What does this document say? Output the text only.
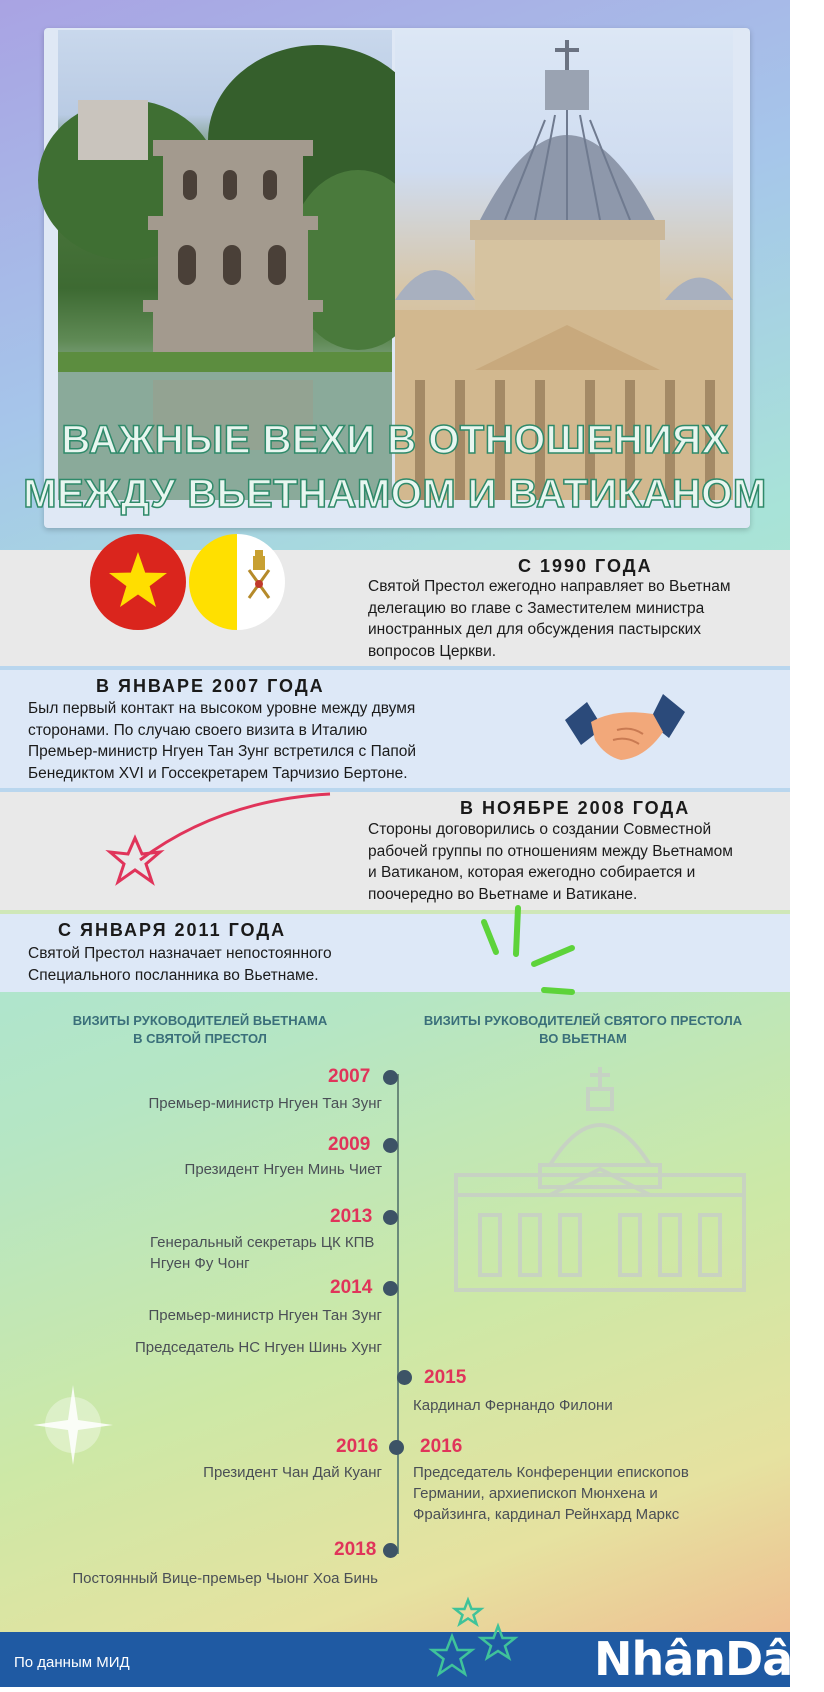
ВАЖНЫЕ ВЕХИ В ОТНОШЕНИЯХ
МЕЖДУ ВЬЕТНАМОМ И ВАТИКАНОМ
С 1990 ГОДА
Святой Престол ежегодно направляет во Вьетнам
делегацию во главе с Заместителем министра
иностранных дел для обсуждения пастырских
вопросов Церкви.
В ЯНВАРЕ 2007 ГОДА
Был первый контакт на высоком уровне между двумя
сторонами. По случаю своего визита в Италию
Премьер-министр Нгуен Тан Зунг встретился с Папой
Бенедиктом XVI и Госсекретарем Тарчизио Бертоне.
В НОЯБРЕ 2008 ГОДА
Стороны договорились о создании Совместной
рабочей группы по отношениям между Вьетнамом
и Ватиканом, которая ежегодно собирается и
поочередно во Вьетнаме и Ватикане.
С ЯНВАРЯ 2011 ГОДА
Святой Престол назначает непостоянного
Специального посланника во Вьетнаме.
ВИЗИТЫ РУКОВОДИТЕЛЕЙ ВЬЕТНАМА
В СВЯТОЙ ПРЕСТОЛ
ВИЗИТЫ РУКОВОДИТЕЛЕЙ СВЯТОГО ПРЕСТОЛА
ВО ВЬЕТНАМ
2007
Премьер-министр Нгуен Тан Зунг
2009
Президент Нгуен Минь Чиет
2013
Генеральный секретарь ЦК КПВ
Нгуен Фу Чонг
2014
Премьер-министр Нгуен Тан Зунг
Председатель НС Нгуен Шинь Хунг
2015
Кардинал Фернандо Филони
2016 2016
Президент Чан Дай Куанг Председатель Конференции епископов
Германии, архиепископ Мюнхена и
Фрайзинга, кардинал Рейнхард Маркс
2018
Постоянный Вице-премьер Чыонг Хоа Бинь
По данным МИД	NhânDân
